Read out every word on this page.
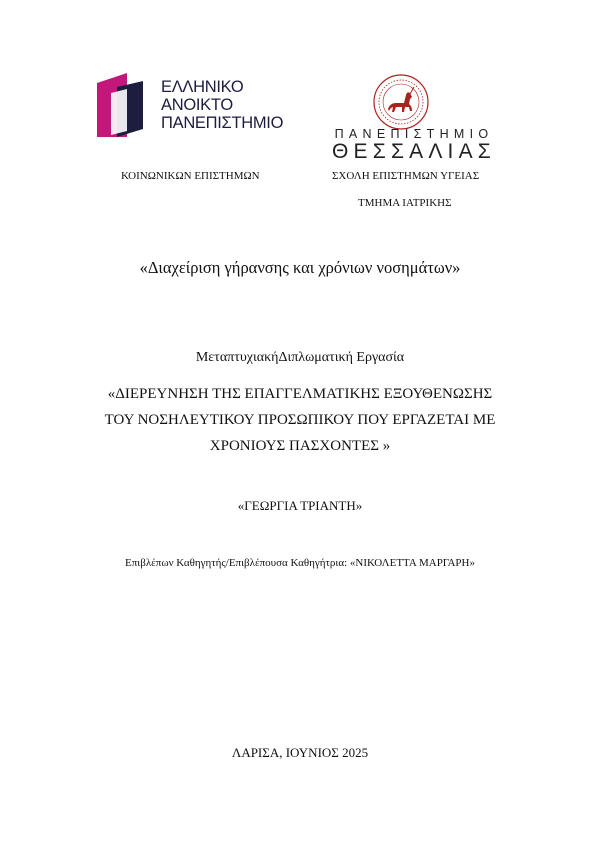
ΕΛΛΗΝΙΚΟ
ΑΝΟΙΚΤΟ
ΠΑΝΕΠΙΣΤΗΜΙΟ
ΠΑΝΕΠΙΣΤΗΜΙΟ
ΘΕΣΣΑΛΙΑΣ
ΚΟΙΝΩΝΙΚΩΝ ΕΠΙΣΤΗΜΩΝ	ΣΧΟΛΗ ΕΠΙΣΤΗΜΩΝ ΥΓΕΙΑΣ
ΤΜΗΜΑ ΙΑΤΡΙΚΗΣ
«Διαχείριση γήρανσης και χρόνιων νοσημάτων»
ΜεταπτυχιακήΔιπλωματική Εργασία
«ΔΙΕΡΕΥΝΗΣΗ ΤΗΣ ΕΠΑΓΓΕΛΜΑΤΙΚΗΣ ΕΞΟΥΘΕΝΩΣΗΣ
ΤΟΥ ΝΟΣΗΛΕΥΤΙΚΟΥ ΠΡΟΣΩΠΙΚΟΥ ΠΟΥ ΕΡΓΑΖΕΤΑΙ ΜΕ
ΧΡΟΝΙΟΥΣ ΠΑΣΧΟΝΤΕΣ »
«ΓΕΩΡΓΙΑ ΤΡΙΑΝΤΗ»
Επιβλέπων Καθηγητής/Επιβλέπουσα Καθηγήτρια: «ΝΙΚΟΛΕΤΤΑ ΜΑΡΓΑΡΗ»
ΛΑΡΙΣΑ, ΙΟΥΝΙΟΣ 2025
